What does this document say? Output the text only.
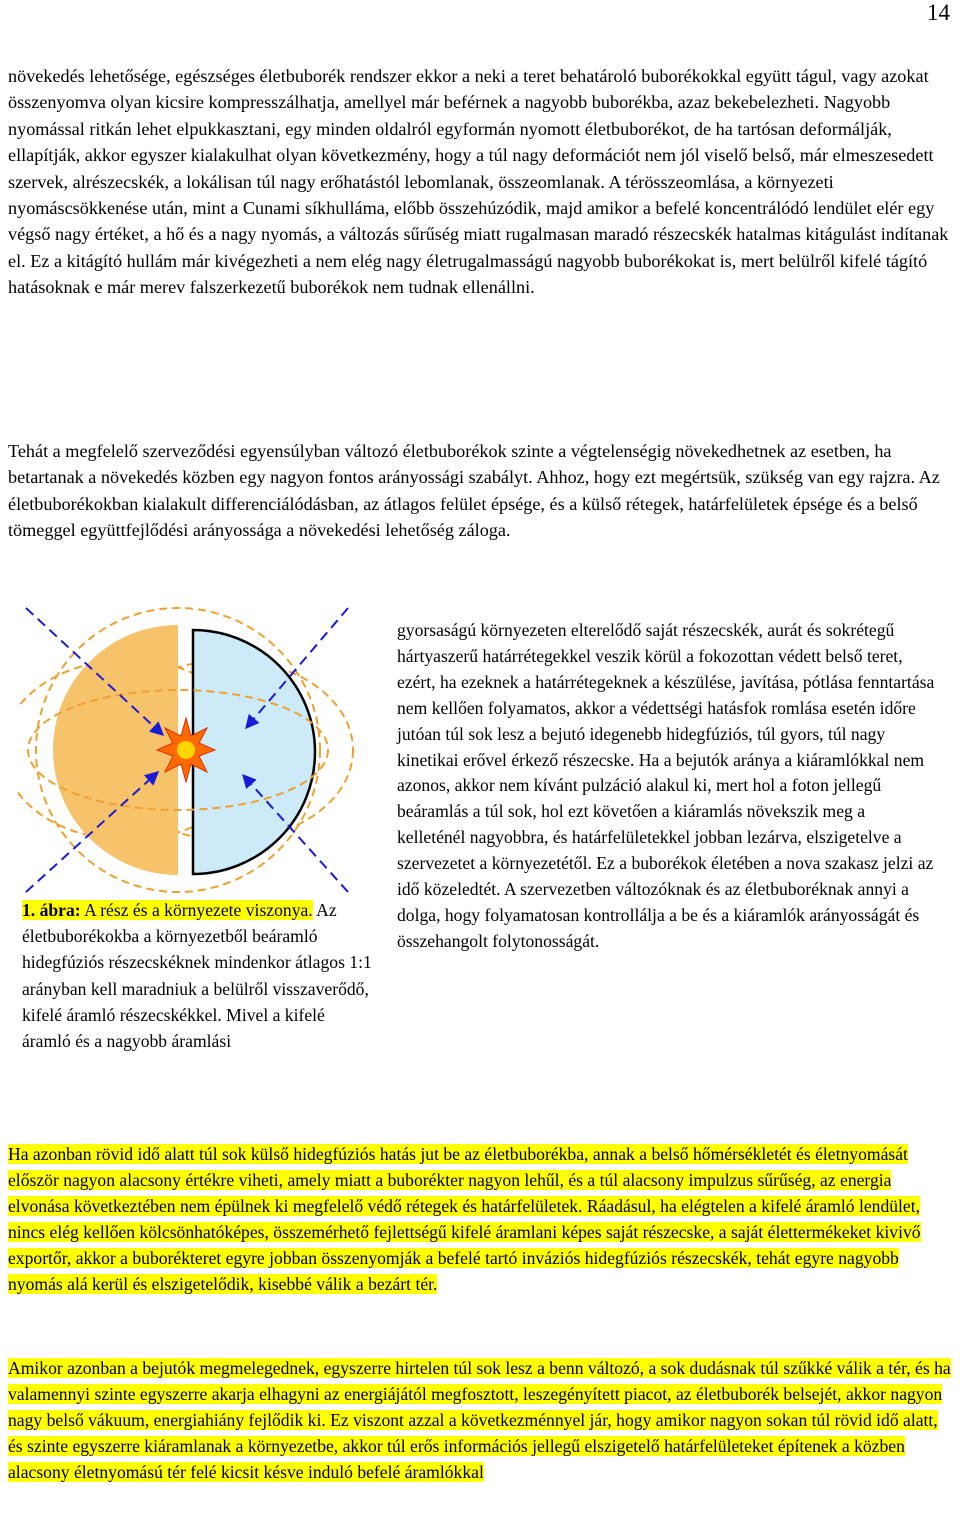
14
növekedés lehetősége, egészséges életbuborék rendszer ekkor a neki a teret behatároló buborékokkal együtt tágul, vagy azokat összenyomva olyan kicsire kompresszálhatja, amellyel már beférnek a nagyobb buborékba, azaz bekebelezheti. Nagyobb nyomással ritkán lehet elpukkasztani, egy minden oldalról egyformán nyomott életbuborékot, de ha tartósan deformálják, ellapítják, akkor egyszer kialakulhat olyan következmény, hogy a túl nagy deformációt nem jól viselő belső, már elmeszesedett szervek, alrészecskék, a lokálisan túl nagy erőhatástól lebomlanak, összeomlanak. A térösszeomlása, a környezeti nyomáscsökkenése után, mint a Cunami síkhulláma, előbb összehúzódik, majd amikor a befelé koncentrálódó lendület elér egy végső nagy értéket, a hő és a nagy nyomás, a változás sűrűség miatt rugalmasan maradó részecskék hatalmas kitágulást indítanak el. Ez a kitágító hullám már kivégezheti a nem elég nagy életrugalmasságú nagyobb buborékokat is, mert belülről kifelé tágító hatásoknak e már merev falszerkezetű buborékok nem tudnak ellenállni.
Tehát a megfelelő szerveződési egyensúlyban változó életbuborékok szinte a végtelenségig növekedhetnek az esetben, ha betartanak a növekedés közben egy nagyon fontos arányossági szabályt. Ahhoz, hogy ezt megértsük, szükség van egy rajzra. Az életbuborékokban kialakult differenciálódásban, az átlagos felület épsége, és a külső rétegek, határfelületek épsége és a belső tömeggel együttfejlődési arányossága a növekedési lehetőség záloga.
1. ábra: A rész és a környezete viszonya. Az életbuborékokba a környezetből beáramló hidegfúziós részecskéknek mindenkor átlagos 1:1 arányban kell maradniuk a belülről visszaverődő, kifelé áramló részecskékkel. Mivel a kifelé áramló és a nagyobb áramlási
gyorsaságú környezeten elterelődő saját részecskék, aurát és sokrétegű hártyaszerű határrétegekkel veszik körül a fokozottan védett belső teret, ezért, ha ezeknek a határrétegeknek a készülése, javítása, pótlása fenntartása nem kellően folyamatos, akkor a védettségi hatásfok romlása esetén időre jutóan túl sok lesz a bejutó idegenebb hidegfúziós, túl gyors, túl nagy kinetikai erővel érkező részecske. Ha a bejutók aránya a kiáramlókkal nem azonos, akkor nem kívánt pulzáció alakul ki, mert hol a foton jellegű beáramlás a túl sok, hol ezt követően a kiáramlás növekszik meg a kelleténél nagyobbra, és határfelületekkel jobban lezárva, elszigetelve a szervezetet a környezetétől. Ez a buborékok életében a nova szakasz jelzi az idő közeledtét. A szervezetben változóknak és az életbuboréknak annyi a dolga, hogy folyamatosan kontrollálja a be és a kiáramlók arányosságát és összehangolt folytonosságát.
Ha azonban rövid idő alatt túl sok külső hidegfúziós hatás jut be az életbuborékba, annak a belső hőmérsékletét és életnyomását először nagyon alacsony értékre viheti, amely miatt a buborékter nagyon lehűl, és a túl alacsony impulzus sűrűség, az energia elvonása következtében nem épülnek ki megfelelő védő rétegek és határfelületek. Ráadásul, ha elégtelen a kifelé áramló lendület, nincs elég kellően kölcsönhatóképes, összemérhető fejlettségű kifelé áramlani képes saját részecske, a saját élettermékeket kivivő exportőr, akkor a buborékteret egyre jobban összenyomják a befelé tartó inváziós hidegfúziós részecskék, tehát egyre nagyobb nyomás alá kerül és elszigetelődik, kisebbé válik a bezárt tér.
Amikor azonban a bejutók megmelegednek, egyszerre hirtelen túl sok lesz a benn változó, a sok dudásnak túl szűkké válik a tér, és ha valamennyi szinte egyszerre akarja elhagyni az energiájától megfosztott, leszegényített piacot, az életbuborék belsejét, akkor nagyon nagy belső vákuum, energiahiány fejlődik ki. Ez viszont azzal a következménnyel jár, hogy amikor nagyon sokan túl rövid idő alatt, és szinte egyszerre kiáramlanak a környezetbe, akkor túl erős információs jellegű elszigetelő határfelületeket építenek a közben alacsony életnyomású tér felé kicsit késve induló befelé áramlókkal
